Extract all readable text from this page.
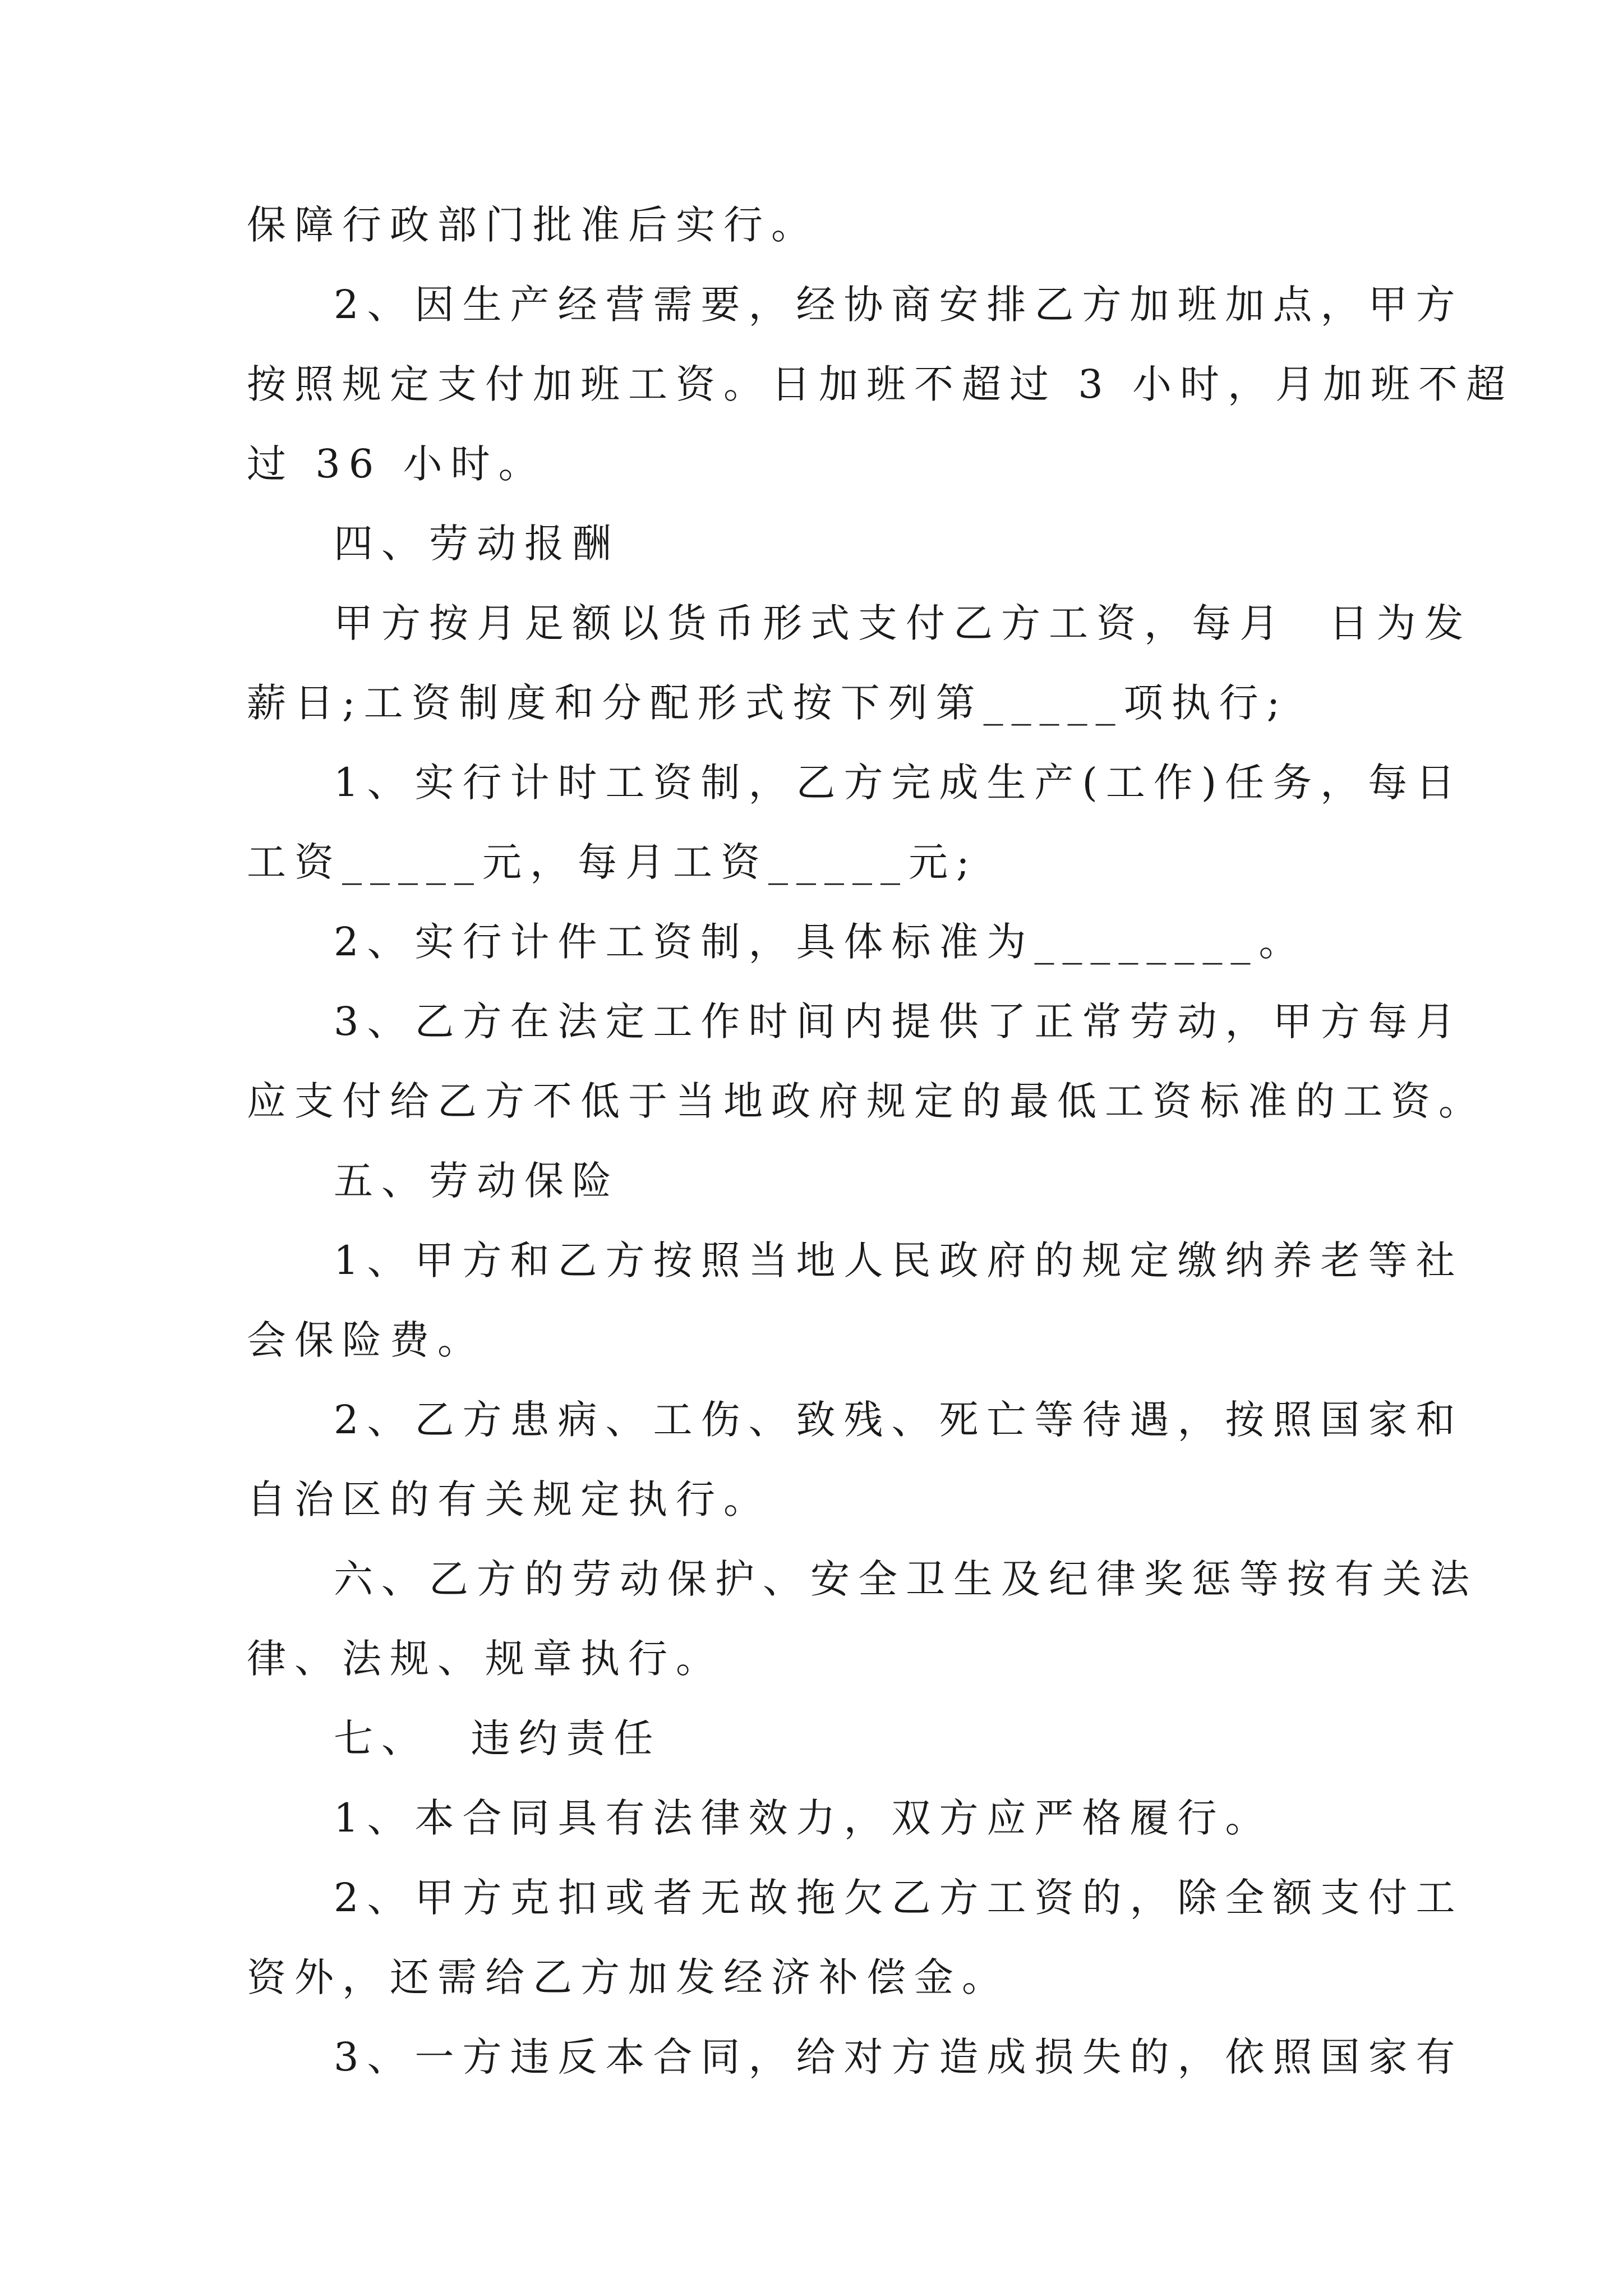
保障行政部门批准后实行。
2、因生产经营需要，经协商安排乙方加班加点，甲方
按照规定支付加班工资。日加班不超过 3 小时，月加班不超
过 36 小时。
四、劳动报酬
甲方按月足额以货币形式支付乙方工资，每月  日为发
薪日;工资制度和分配形式按下列第_____项执行;
1、实行计时工资制，乙方完成生产(工作)任务，每日
工资_____元，每月工资_____元;
2、实行计件工资制，具体标准为________。
3、乙方在法定工作时间内提供了正常劳动，甲方每月
应支付给乙方不低于当地政府规定的最低工资标准的工资。
五、劳动保险
1、甲方和乙方按照当地人民政府的规定缴纳养老等社
会保险费。
2、乙方患病、工伤、致残、死亡等待遇，按照国家和
自治区的有关规定执行。
六、乙方的劳动保护、安全卫生及纪律奖惩等按有关法
律、法规、规章执行。
七、  违约责任
1、本合同具有法律效力，双方应严格履行。
2、甲方克扣或者无故拖欠乙方工资的，除全额支付工
资外，还需给乙方加发经济补偿金。
3、一方违反本合同，给对方造成损失的，依照国家有
